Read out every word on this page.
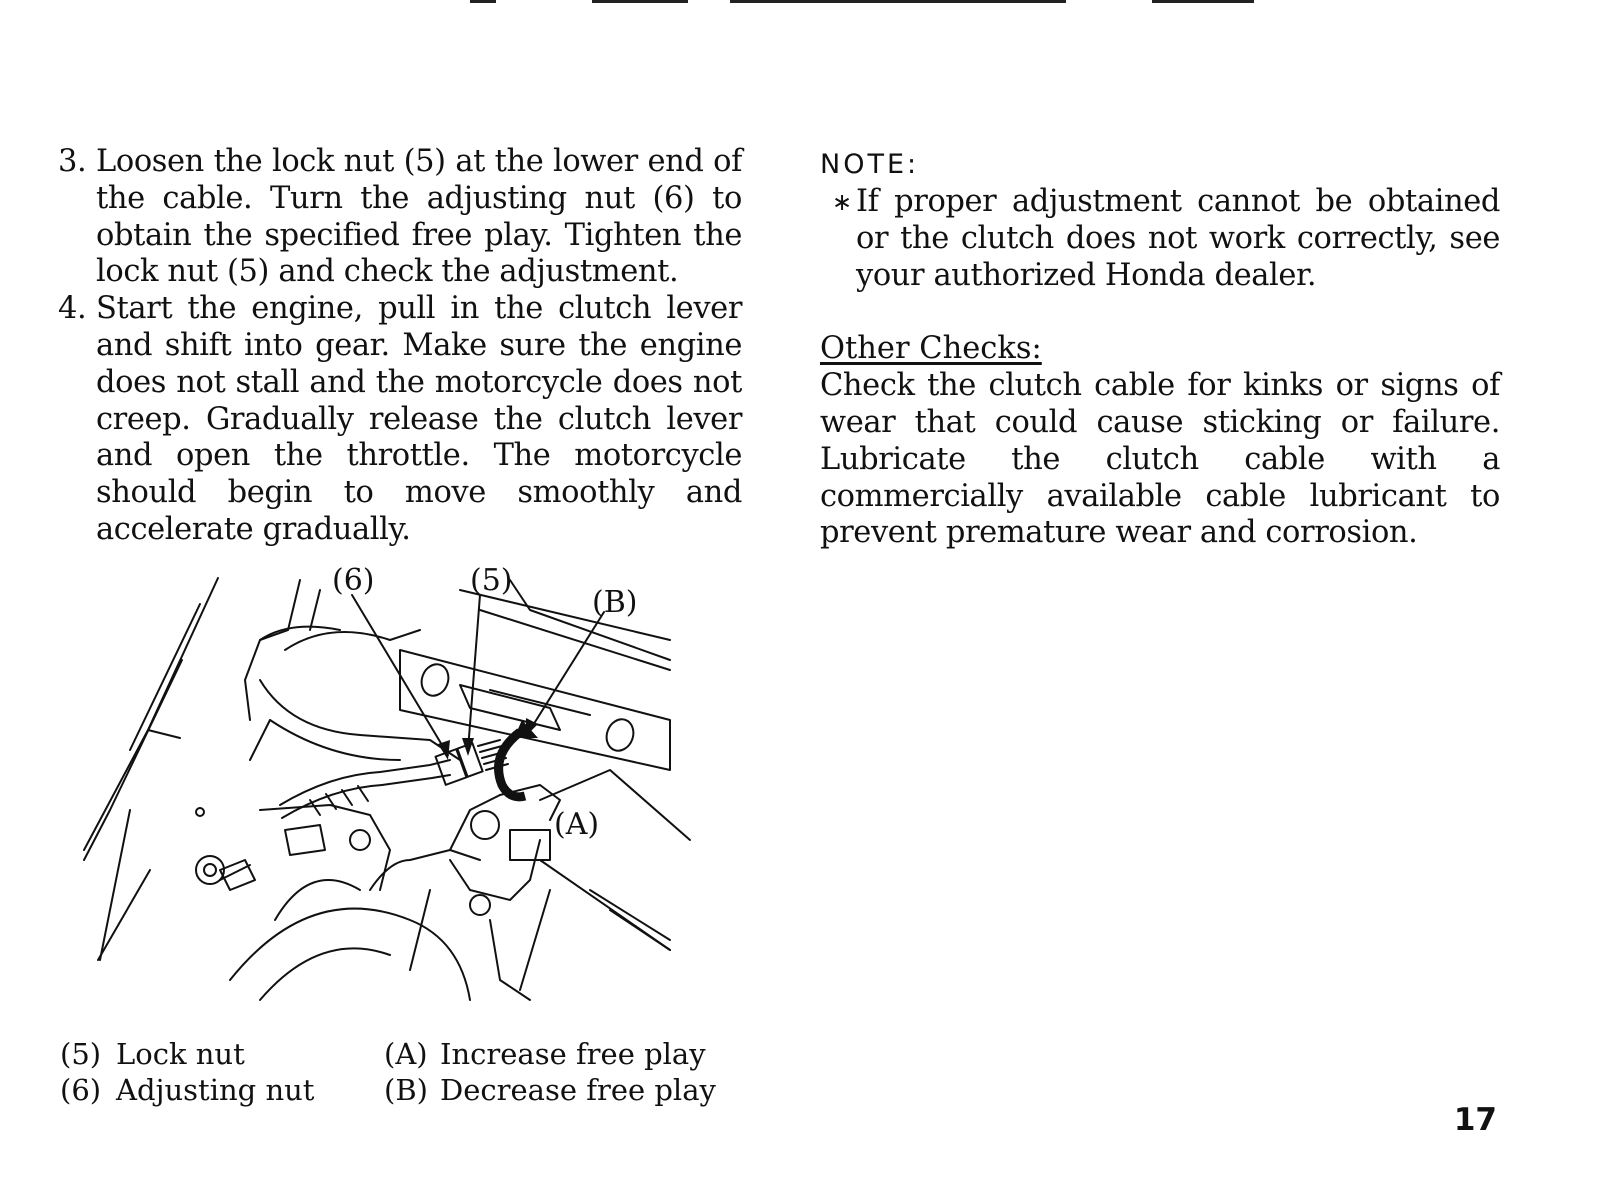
3. Loosen the lock nut (5) at the lower end of the cable. Turn the adjusting nut (6) to obtain the specified free play. Tighten the lock nut (5) and check the adjustment.

4. Start the engine, pull in the clutch lever and shift into gear. Make sure the engine does not stall and the motorcycle does not creep. Gradually release the clutch lever and open the throttle. The motorcycle should begin to move smoothly and accelerate gradually.

NOTE:
∗ If proper adjustment cannot be obtained or the clutch does not work correctly, see your authorized Honda dealer.
Other Checks:

Check the clutch cable for kinks or signs of wear that could cause sticking or failure. Lubricate the clutch cable with a commercially available cable lubricant to prevent premature wear and corrosion.

(6)	(5)
(B)
(A)
(5) Lock nut
(6) Adjusting nut
(A) Increase free play
(B) Decrease free play
17
